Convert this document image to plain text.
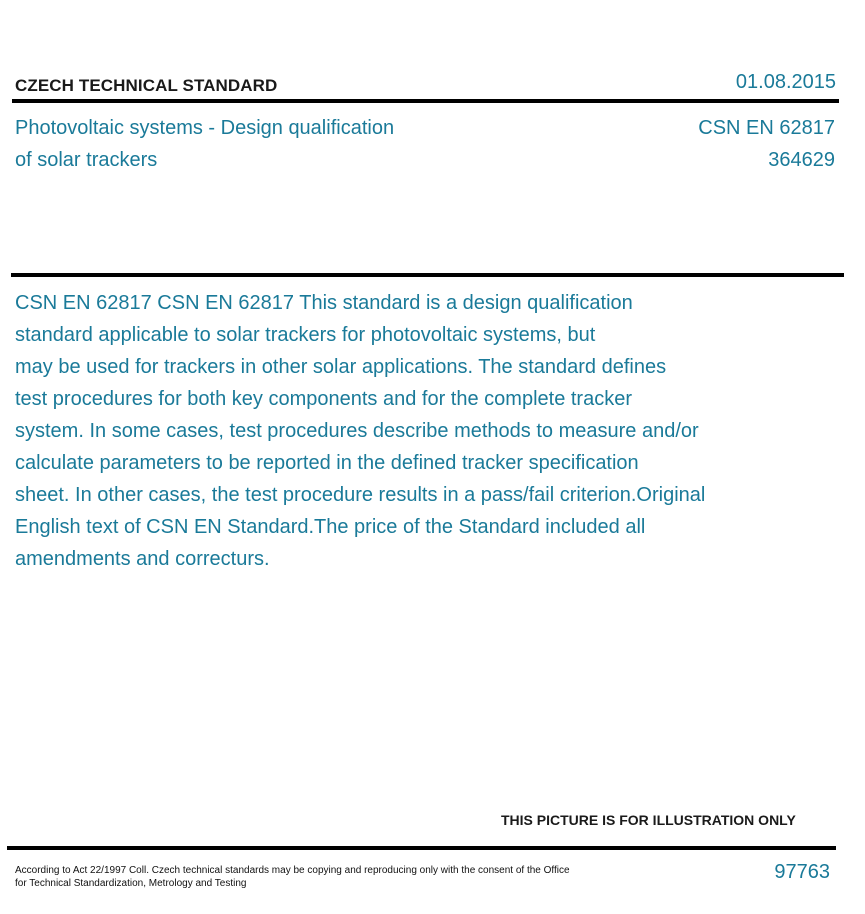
CZECH TECHNICAL STANDARD	01.08.2015
Photovoltaic systems - Design qualification
of solar trackers
CSN EN 62817
364629
CSN EN 62817 CSN EN 62817 This standard is a design qualification
standard applicable to solar trackers for photovoltaic systems, but
may be used for trackers in other solar applications. The standard defines
test procedures for both key components and for the complete tracker
system. In some cases, test procedures describe methods to measure and/or
calculate parameters to be reported in the defined tracker specification
sheet. In other cases, the test procedure results in a pass/fail criterion.Original
English text of CSN EN Standard.The price of the Standard included all
amendments and correcturs.
THIS PICTURE IS FOR ILLUSTRATION ONLY
According to Act 22/1997 Coll. Czech technical standards may be copying and reproducing only with the consent of the Office
for Technical Standardization, Metrology and Testing
97763
